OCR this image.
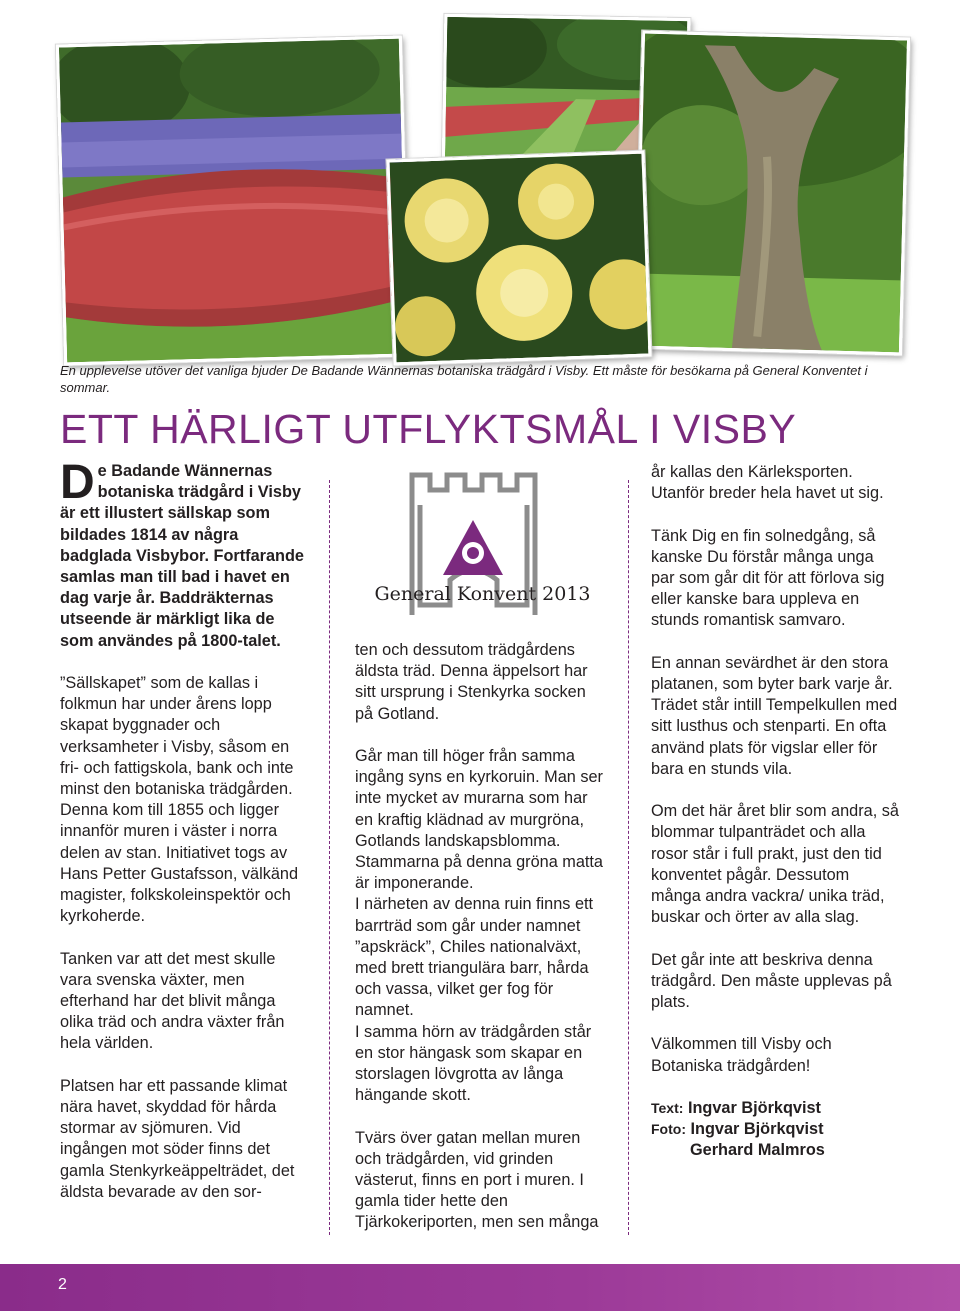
En upplevelse utöver det vanliga bjuder De Badande Wännernas botaniska trädgård i Visby. Ett måste för besökarna på General Konventet i sommar.
ETT HÄRLIGT UTFLYKTSMÅL I VISBY

De Badande Wännernas botaniska trädgård i Visby är ett illustert sällskap som bildades 1814 av några badglada Visbybor. Fortfarande samlas man till bad i havet en dag varje år. Baddräkternas utseende är märkligt lika de som användes på 1800-talet.

”Sällskapet” som de kallas i folkmun har under årens lopp skapat byggnader och verksamheter i Visby, såsom en fri- och fattigskola, bank och inte minst den botaniska trädgården. Denna kom till 1855 och ligger innanför muren i väster i norra delen av stan. Initiativet togs av Hans Petter Gustafsson, välkänd magister, folkskoleinspektör och kyrkoherde.

Tanken var att det mest skulle vara svenska växter, men efterhand har det blivit många olika träd och andra växter från hela världen.

Platsen har ett passande klimat nära havet, skyddad för hårda stormar av sjömuren. Vid ingången mot söder finns det gamla Stenkyrkeäppelträdet, det äldsta bevarade av den sor-

General Konvent 2013

ten och dessutom trädgårdens äldsta träd. Denna äppelsort har sitt ursprung i Stenkyrka socken på Gotland.

Går man till höger från samma ingång syns en kyrkoruin. Man ser inte mycket av murarna som har en kraftig klädnad av murgröna, Gotlands landskapsblomma. Stammarna på denna gröna matta är imponerande.

I närheten av denna ruin finns ett barrträd som går under namnet ”apskräck”, Chiles nationalväxt, med brett triangulära barr, hårda och vassa, vilket ger fog för namnet.

I samma hörn av trädgården står en stor hängask som skapar en storslagen lövgrotta av långa hängande skott.

Tvärs över gatan mellan muren och trädgården, vid grinden västerut, finns en port i muren. I gamla tider hette den Tjärkokeriporten, men sen många

år kallas den Kärleksporten. Utanför breder hela havet ut sig.

Tänk Dig en fin solnedgång, så kanske Du förstår många unga par som går dit för att förlova sig eller kanske bara uppleva en stunds romantisk samvaro.

En annan sevärdhet är den stora platanen, som byter bark varje år. Trädet står intill Tempelkullen med sitt lusthus och stenparti. En ofta använd plats för vigslar eller för bara en stunds vila.

Om det här året blir som andra, så blommar tulpanträdet och alla rosor står i full prakt, just den tid konventet pågår. Dessutom många andra vackra/ unika träd, buskar och örter av alla slag.

Det går inte att beskriva denna trädgård. Den måste upplevas på plats.

Välkommen till Visby och Botaniska trädgården!

Text: Ingvar Björkqvist
Foto: Ingvar Björkqvist
Gerhard Malmros
2
